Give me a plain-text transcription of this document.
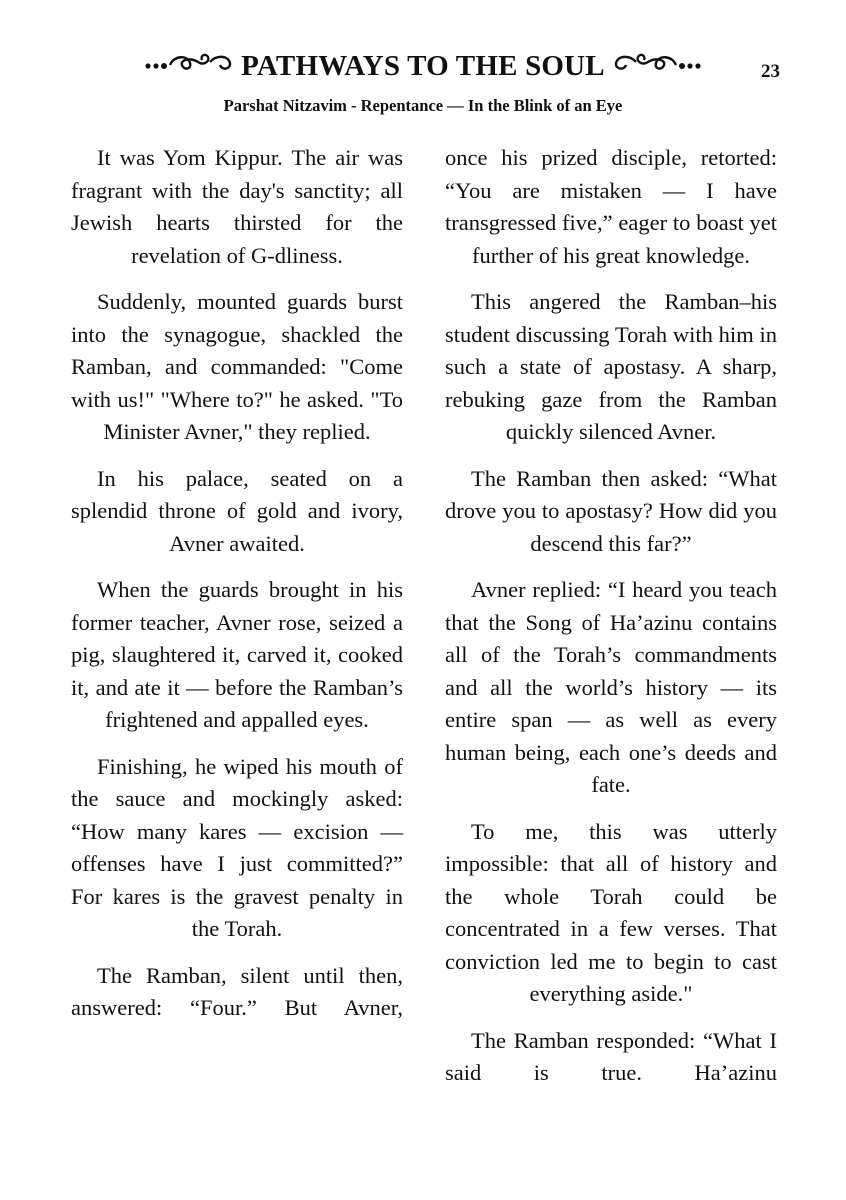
PATHWAYS TO THE SOUL	23
Parshat Nitzavim - Repentance — In the Blink of an Eye

It was Yom Kippur. The air was fragrant with the day's sanctity; all Jewish hearts thirsted for the revelation of G-dliness.

Suddenly, mounted guards burst into the synagogue, shackled the Ramban, and commanded: "Come with us!" "Where to?" he asked. "To Minister Avner," they replied.

In his palace, seated on a splendid throne of gold and ivory, Avner awaited.

When the guards brought in his former teacher, Avner rose, seized a pig, slaughtered it, carved it, cooked it, and ate it — before the Ramban’s frightened and appalled eyes.

Finishing, he wiped his mouth of the sauce and mockingly asked: “How many kares — excision — offenses have I just committed?” For kares is the gravest penalty in the Torah.

The Ramban, silent until then, answered: “Four.” But Avner,

once his prized disciple, retorted: “You are mistaken — I have transgressed five,” eager to boast yet further of his great knowledge.

This angered the Ramban–his student discussing Torah with him in such a state of apostasy. A sharp, rebuking gaze from the Ramban quickly silenced Avner.

The Ramban then asked: “What drove you to apostasy? How did you descend this far?”

Avner replied: “I heard you teach that the Song of Ha’azinu contains all of the Torah’s commandments and all the world’s history — its entire span — as well as every human being, each one’s deeds and fate.

To me, this was utterly impossible: that all of history and the whole Torah could be concentrated in a few verses. That conviction led me to begin to cast everything aside."

The Ramban responded: “What I said is true. Ha’azinu
